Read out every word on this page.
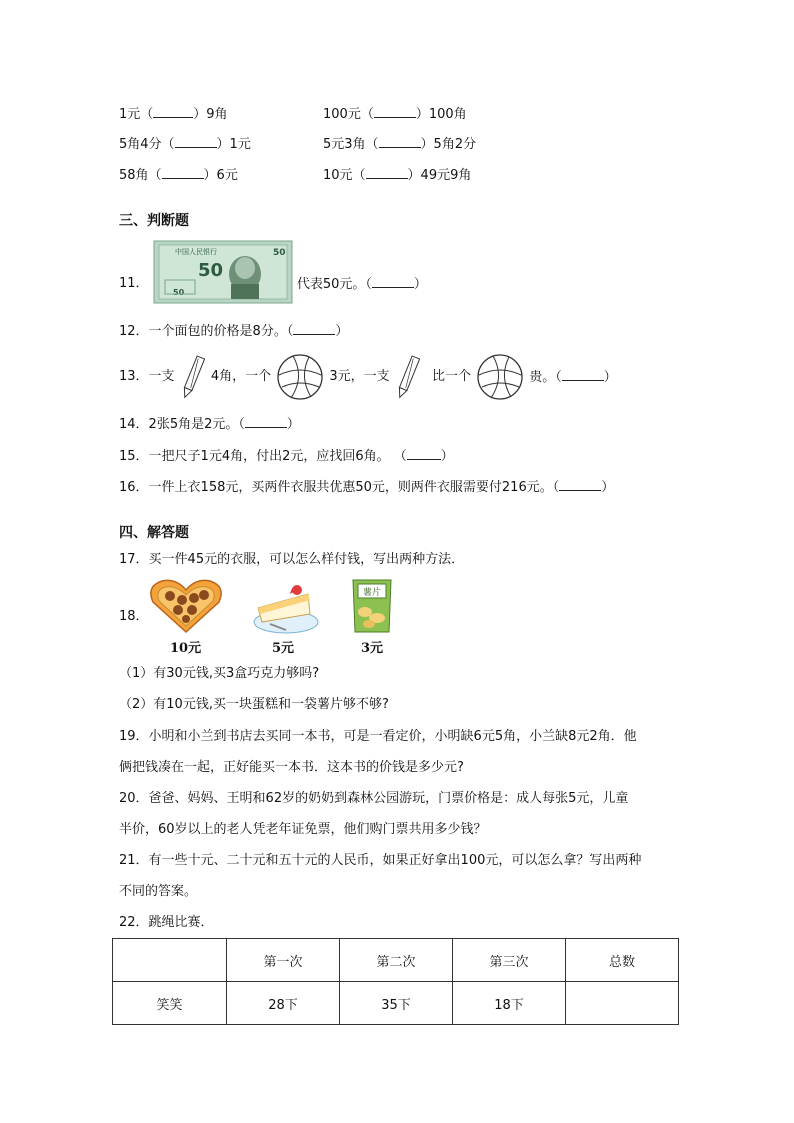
1元（	）9角	100元（	）100角
5角4分（	）1元	5元3角（	）5角2分
58角（	）6元	10元（	）49元9角
三、判断题
11．
中国人民银行
50
50
50
代表50元。（	）
12．一个面包的价格是8分。（	）
13．一支	4角，一个	3元，一支	比一个	贵。（	）
14．2张5角是2元。（	）
15．一把尺子1元4角，付出2元，应找回6角。 （	）
16．一件上衣158元，买两件衣服共优惠50元，则两件衣服需要付216元。（	）
四、解答题
17．买一件45元的衣服，可以怎么样付钱，写出两种方法．
18．
10元	5元
薯片
3元
（1）有30元钱,买3盒巧克力够吗?
（2）有10元钱,买一块蛋糕和一袋薯片够不够?
19．小明和小兰到书店去买同一本书，可是一看定价，小明缺6元5角，小兰缺8元2角．他
俩把钱凑在一起，正好能买一本书．这本书的价钱是多少元?
20．爸爸、妈妈、王明和62岁的奶奶到森林公园游玩，门票价格是：成人每张5元，儿童
半价，60岁以上的老人凭老年证免票，他们购门票共用多少钱？
21．有一些十元、二十元和五十元的人民币，如果正好拿出100元，可以怎么拿？写出两种
不同的答案。
22．跳绳比赛．
	第一次	第二次	第三次	总数
笑笑	28下	35下	18下	
